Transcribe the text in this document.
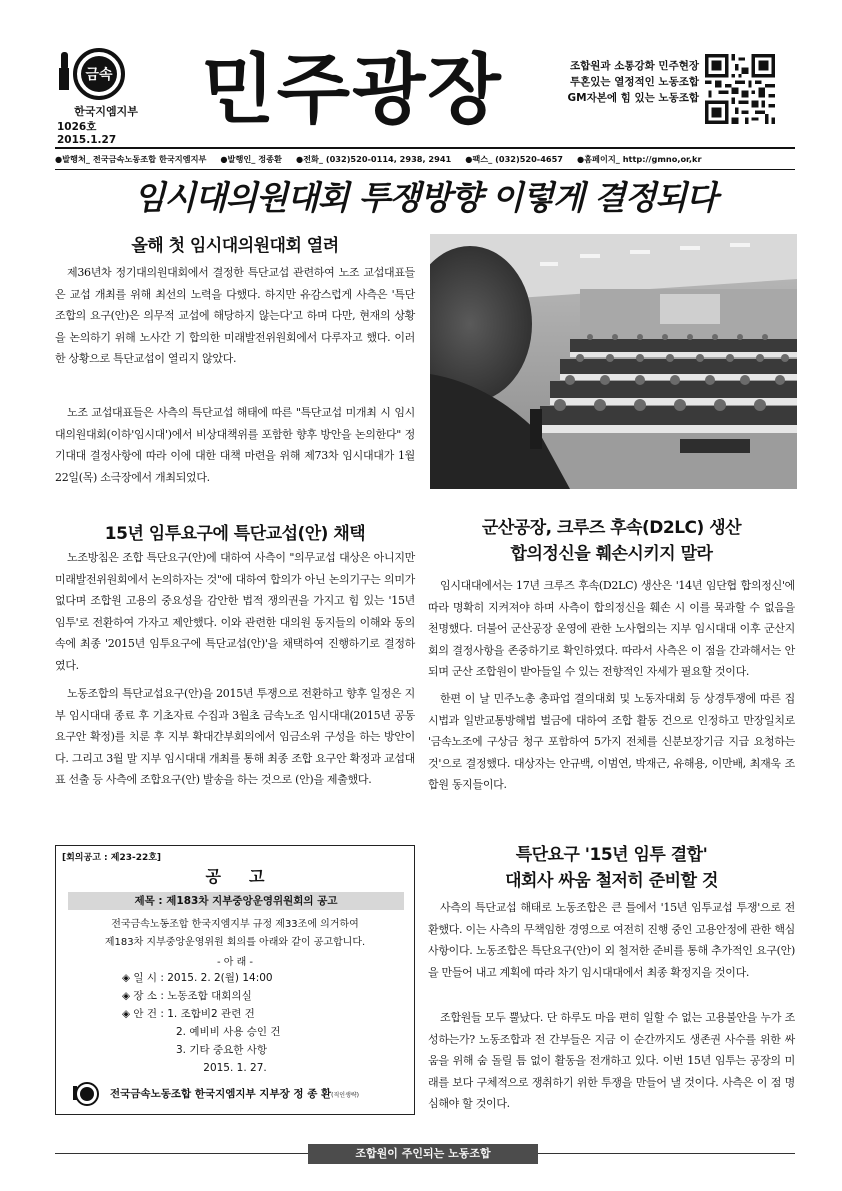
금속
한국지엠지부
1026호 2015.1.27
민주광장	조합원과 소통강화 민주현장
투혼있는 열정적인 노동조합
GM자본에 힘 있는 노동조합
●발행처_ 전국금속노동조합 한국지엠지부 ●발행인_ 정종환 ●전화_ (032)520-0114, 2938, 2941 ●팩스_ (032)520-4657 ●홈페이지_ http://gmno,or,kr
임시대의원대회 투쟁방향 이렇게 결정되다
올해 첫 임시대의원대회 열려

제36년차 정기대의원대회에서 결정한 특단교섭 관련하여 노조 교섭대표들은 교섭 개최를 위해 최선의 노력을 다했다. 하지만 유감스럽게 사측은 '특단 조합의 요구(안)은 의무적 교섭에 해당하지 않는다'고 하며 다만, 현재의 상황을 논의하기 위해 노사간 기 합의한 미래발전위원회에서 다루자고 했다. 이러한 상황으로 특단교섭이 열리지 않았다.

노조 교섭대표들은 사측의 특단교섭 해태에 따른 "특단교섭 미개최 시 임시대의원대회(이하'임시대')에서 비상대책위를 포함한 향후 방안을 논의한다" 정기대대 결정사항에 따라 이에 대한 대책 마련을 위해 제73차 임시대대가 1월 22일(목) 소극장에서 개최되었다.

15년 임투요구에 특단교섭(안) 채택

노조방침은 조합 특단요구(안)에 대하여 사측이 "의무교섭 대상은 아니지만 미래발전위원회에서 논의하자는 것"에 대하여 합의가 아닌 논의기구는 의미가 없다며 조합원 고용의 중요성을 감안한 법적 쟁의권을 가지고 힘 있는 '15년 임투'로 전환하여 가자고 제안했다. 이와 관련한 대의원 동지들의 이해와 동의 속에 최종 '2015년 임투요구에 특단교섭(안)'을 채택하여 진행하기로 결정하였다.

노동조합의 특단교섭요구(안)을 2015년 투쟁으로 전환하고 향후 일정은 지부 임시대대 종료 후 기초자료 수집과 3월초 금속노조 임시대대(2015년 공동요구안 확정)를 치룬 후 지부 확대간부회의에서 임금소위 구성을 하는 방안이다. 그리고 3월 말 지부 임시대대 개최를 통해 최종 조합 요구안 확정과 교섭대표 선출 등 사측에 조합요구(안) 발송을 하는 것으로 (안)을 제출했다.

군산공장, 크루즈 후속(D2LC) 생산
합의정신을 훼손시키지 말라

임시대대에서는 17년 크루즈 후속(D2LC) 생산은 '14년 임단협 합의정신'에 따라 명확히 지켜져야 하며 사측이 합의정신을 훼손 시 이를 묵과할 수 없음을 천명했다. 더불어 군산공장 운영에 관한 노사협의는 지부 임시대대 이후 군산지회의 결정사항을 존중하기로 확인하였다. 따라서 사측은 이 점을 간과해서는 안 되며 군산 조합원이 받아들일 수 있는 전향적인 자세가 필요할 것이다.

한편 이 날 민주노총 총파업 결의대회 및 노동자대회 등 상경투쟁에 따른 집시법과 일반교통방해법 벌금에 대하여 조합 활동 건으로 인정하고 만장일치로 '금속노조에 구상금 청구 포함하여 5가지 전체를 신분보장기금 지급 요청하는 것'으로 결정했다. 대상자는 안규백, 이범연, 박재근, 유해용, 이만배, 최재욱 조합원 동지들이다.

특단요구 '15년 임투 결합'
대회사 싸움 철저히 준비할 것

사측의 특단교섭 해태로 노동조합은 큰 틀에서 '15년 임투교섭 투쟁'으로 전환했다. 이는 사측의 무책임한 경영으로 여전히 진행 중인 고용안정에 관한 핵심사항이다. 노동조합은 특단요구(안)이 외 철저한 준비를 통해 추가적인 요구(안)을 만들어 내고 계획에 따라 차기 임시대대에서 최종 확정지을 것이다.

조합원들 모두 뿔났다. 단 하루도 마음 편히 일할 수 없는 고용불안을 누가 조성하는가? 노동조합과 전 간부들은 지금 이 순간까지도 생존권 사수를 위한 싸움을 위해 숨 돌릴 틈 없이 활동을 전개하고 있다. 이번 15년 임투는 공장의 미래를 보다 구체적으로 쟁취하기 위한 투쟁을 만들어 낼 것이다. 사측은 이 점 명심해야 할 것이다.

[회의공고 : 제23-22호]
공고
제목 : 제183차 지부중앙운영위원회의 공고
전국금속노동조합 한국지엠지부 규정 제33조에 의거하여
제183차 지부중앙운영위원 회의를 아래와 같이 공고합니다.
- 아 래 -
◈ 일 시 : 2015. 2. 2(월) 14:00
◈ 장 소 : 노동조합 대회의실
◈ 안 건 : 1. 조합비2 관련 건
2. 예비비 사용 승인 건
3. 기타 중요한 사항
2015. 1. 27.
전국금속노동조합 한국지엠지부 지부장 정 종 환(직인생략)
조합원이 주인되는 노동조합
